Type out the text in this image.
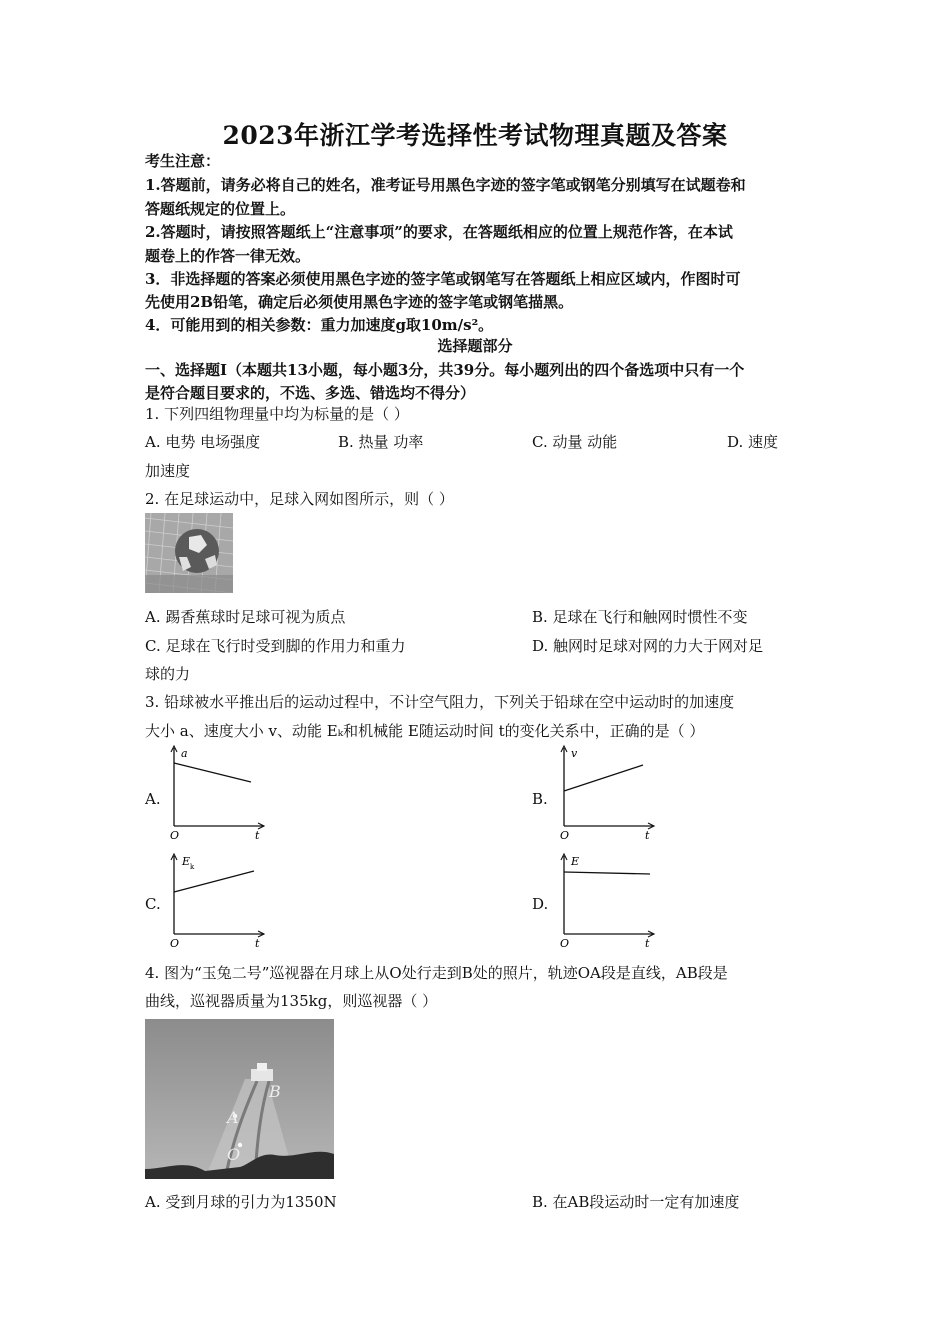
2023年浙江学考选择性考试物理真题及答案
考生注意：
1.答题前，请务必将自己的姓名，准考证号用黑色字迹的签字笔或钢笔分别填写在试题卷和
答题纸规定的位置上。
2.答题时，请按照答题纸上“注意事项”的要求，在答题纸相应的位置上规范作答，在本试
题卷上的作答一律无效。
3．非选择题的答案必须使用黑色字迹的签字笔或钢笔写在答题纸上相应区域内，作图时可
先使用2B铅笔，确定后必须使用黑色字迹的签字笔或钢笔描黑。
4．可能用到的相关参数：重力加速度g取10m/s²。
选择题部分
一、选择题Ⅰ（本题共13小题，每小题3分，共39分。每小题列出的四个备选项中只有一个
是符合题目要求的，不选、多选、错选均不得分）
1. 下列四组物理量中均为标量的是（ ）
A. 电势 电场强度	B. 热量 功率	C. 动量 动能	D. 速度
加速度
2. 在足球运动中，足球入网如图所示，则（ ）
A. 踢香蕉球时足球可视为质点	B. 足球在飞行和触网时惯性不变
C. 足球在飞行时受到脚的作用力和重力	D. 触网时足球对网的力大于网对足
球的力
3. 铅球被水平推出后的运动过程中，不计空气阻力，下列关于铅球在空中运动时的加速度
大小 a、速度大小 v、动能 Eₖ和机械能 E随运动时间 t的变化关系中，正确的是（ ）
A.	B.
C.	D.
a
O	t
v
O	t
E k
O	t
E
O	t
4. 图为“玉兔二号”巡视器在月球上从O处行走到B处的照片，轨迹OA段是直线，AB段是
曲线，巡视器质量为135kg，则巡视器（ ）
A
B
O
A. 受到月球的引力为1350N	B. 在AB段运动时一定有加速度
